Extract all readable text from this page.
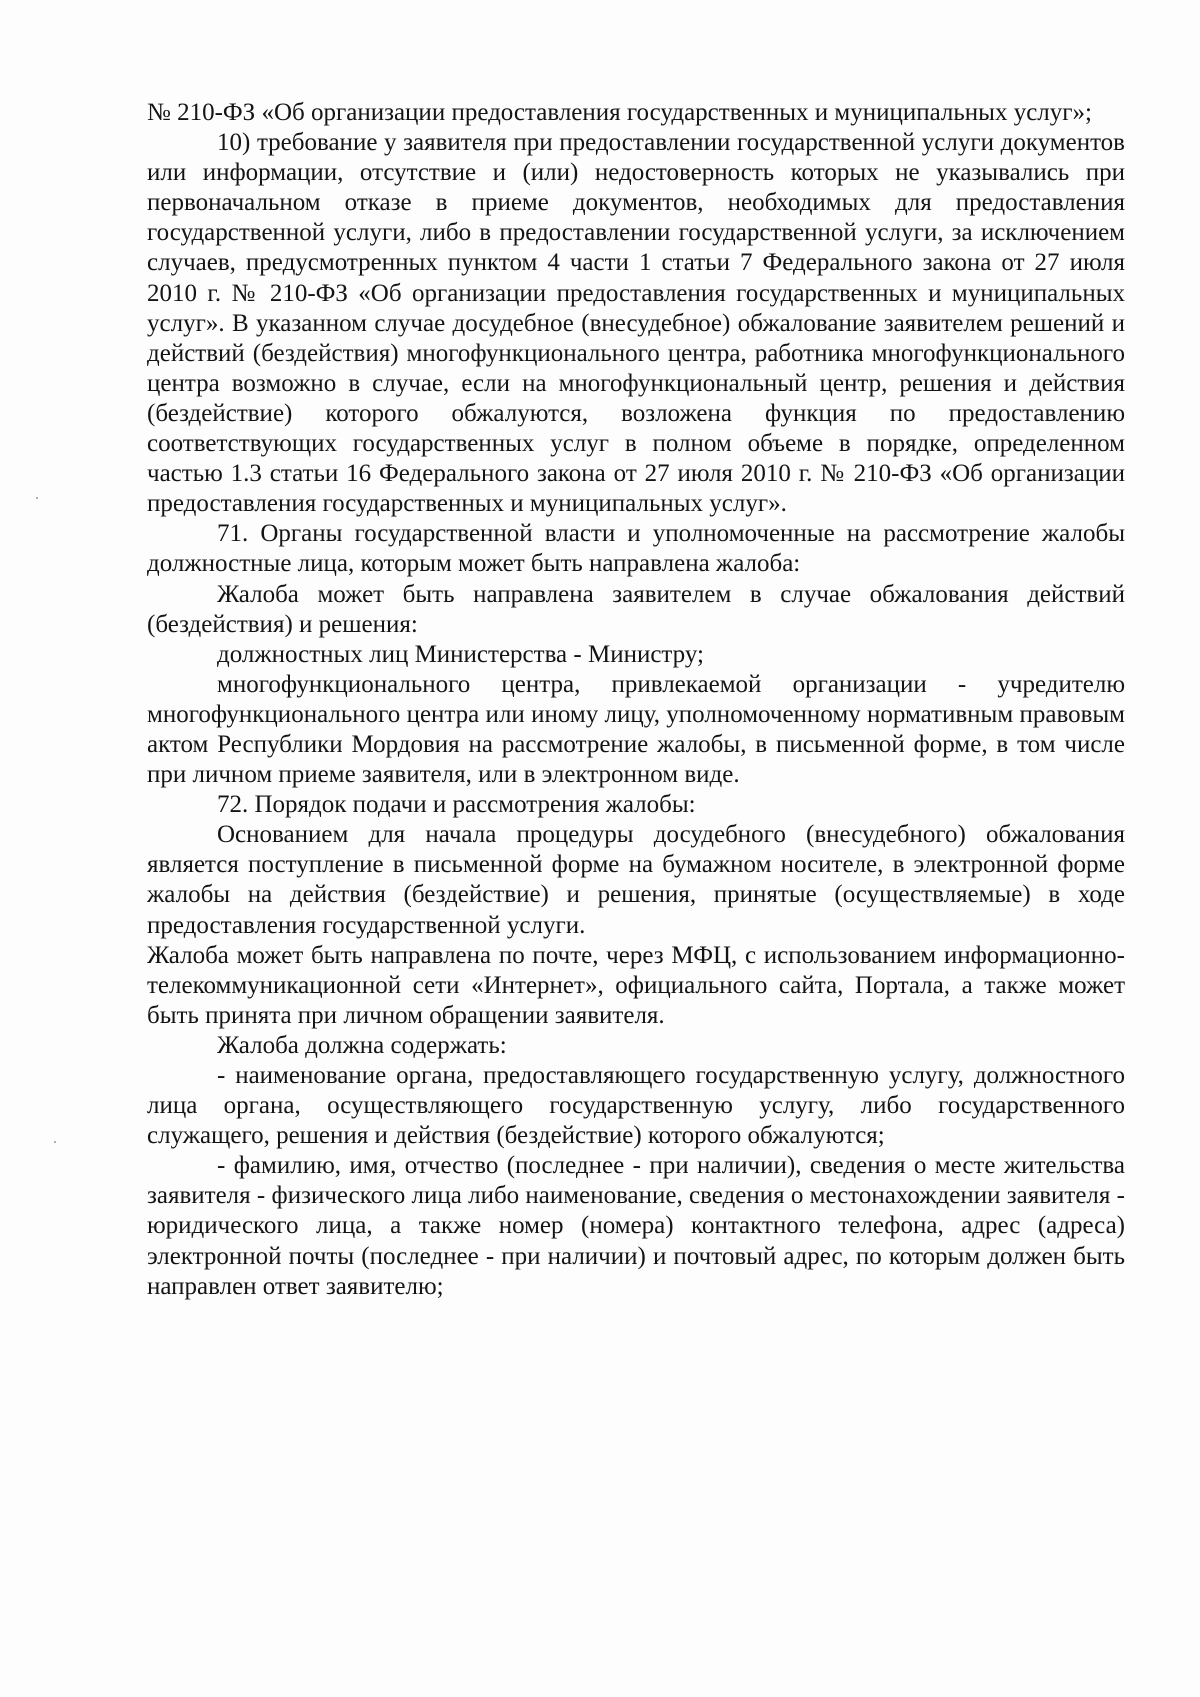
№ 210-ФЗ «Об организации предоставления государственных и муниципальных услуг»;

10) требование у заявителя при предоставлении государственной услуги документов или информации, отсутствие и (или) недостоверность которых не указывались при первоначальном отказе в приеме документов, необходимых для предоставления государственной услуги, либо в предоставлении государственной услуги, за исключением случаев, предусмотренных пунктом 4 части 1 статьи 7 Федерального закона от 27 июля 2010 г. № 210-ФЗ «Об организации предоставления государственных и муниципальных услуг». В указанном случае досудебное (внесудебное) обжалование заявителем решений и действий (бездействия) многофункционального центра, работника многофункционального центра возможно в случае, если на многофункциональный центр, решения и действия (бездействие) которого обжалуются, возложена функция по предоставлению соответствующих государственных услуг в полном объеме в порядке, определенном частью 1.3 статьи 16 Федерального закона от 27 июля 2010 г. № 210-ФЗ «Об организации предоставления государственных и муниципальных услуг».

71. Органы государственной власти и уполномоченные на рассмотрение жалобы должностные лица, которым может быть направлена жалоба:

Жалоба может быть направлена заявителем в случае обжалования действий (бездействия) и решения:

должностных лиц Министерства - Министру;

многофункционального центра, привлекаемой организации - учредителю многофункционального центра или иному лицу, уполномоченному нормативным правовым актом Республики Мордовия на рассмотрение жалобы, в письменной форме, в том числе при личном приеме заявителя, или в электронном виде.

72. Порядок подачи и рассмотрения жалобы:

Основанием для начала процедуры досудебного (внесудебного) обжалования является поступление в письменной форме на бумажном носителе, в электронной форме жалобы на действия (бездействие) и решения, принятые (осуществляемые) в ходе предоставления государственной услуги.

Жалоба может быть направлена по почте, через МФЦ, с использованием информационно-телекоммуникационной сети «Интернет», официального сайта, Портала, а также может быть принята при личном обращении заявителя.

Жалоба должна содержать:

- наименование органа, предоставляющего государственную услугу, должностного лица органа, осуществляющего государственную услугу, либо государственного служащего, решения и действия (бездействие) которого обжалуются;

- фамилию, имя, отчество (последнее - при наличии), сведения о месте жительства заявителя - физического лица либо наименование, сведения о местонахождении заявителя - юридического лица, а также номер (номера) контактного телефона, адрес (адреса) электронной почты (последнее - при наличии) и почтовый адрес, по которым должен быть направлен ответ заявителю;
